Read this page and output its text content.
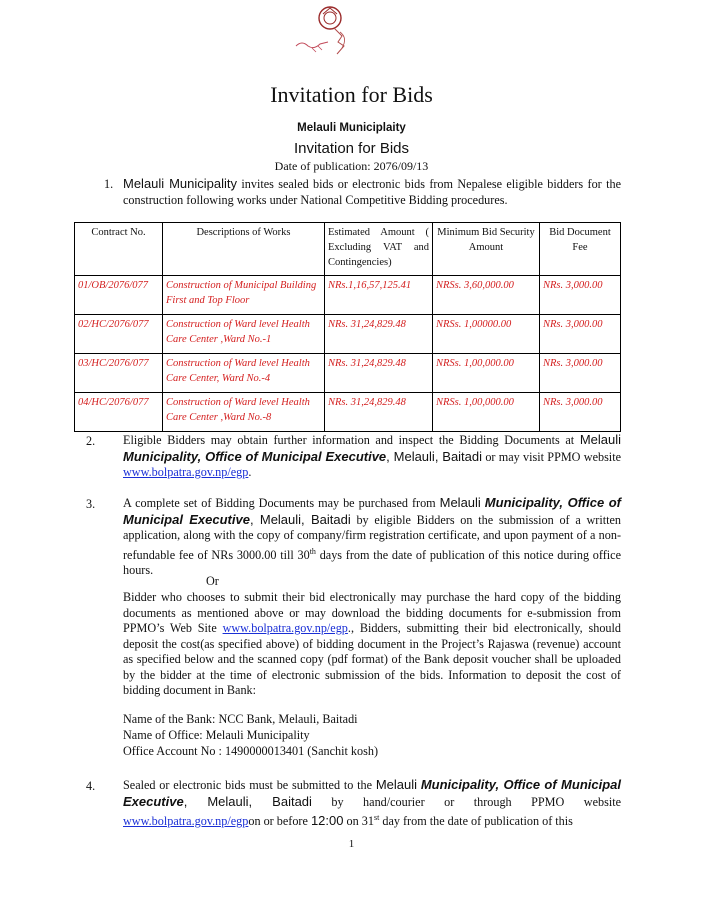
Invitation for Bids
Melauli Municiplaity
Invitation for Bids
Date of publication: 2076/09/13
1. Melauli Municipality invites sealed bids or electronic bids from Nepalese eligible bidders for the construction following works under National Competitive Bidding procedures.
Contract No.	Descriptions of Works	Estimated Amount ( Excluding VAT and Contingencies)	Minimum Bid Security Amount	Bid Document Fee
01/OB/2076/077	Construction of Municipal Building First and Top Floor	NRs.1,16,57,125.41	NRSs. 3,60,000.00	NRs. 3,000.00
02/HC/2076/077	Construction of Ward level Health Care Center ,Ward No.-1	NRs. 31,24,829.48	NRSs. 1,00000.00	NRs. 3,000.00
03/HC/2076/077	Construction of Ward level Health Care Center, Ward No.-4	NRs. 31,24,829.48	NRSs. 1,00,000.00	NRs. 3,000.00
04/HC/2076/077	Construction of Ward level Health Care Center ,Ward No.-8	NRs. 31,24,829.48	NRSs. 1,00,000.00	NRs. 3,000.00
2. Eligible Bidders may obtain further information and inspect the Bidding Documents at Melauli Municipality, Office of Municipal Executive, Melauli, Baitadi or may visit PPMO website www.bolpatra.gov.np/egp.
3. A complete set of Bidding Documents may be purchased from Melauli Municipality, Office of Municipal Executive, Melauli, Baitadi by eligible Bidders on the submission of a written application, along with the copy of company/firm registration certificate, and upon payment of a non-refundable fee of NRs 3000.00 till 30th days from the date of publication of this notice during office hours.
Or
Bidder who chooses to submit their bid electronically may purchase the hard copy of the bidding documents as mentioned above or may download the bidding documents for e-submission from PPMO’s Web Site www.bolpatra.gov.np/egp., Bidders, submitting their bid electronically, should deposit the cost(as specified above) of bidding document in the Project’s Rajaswa (revenue) account as specified below and the scanned copy (pdf format) of the Bank deposit voucher shall be uploaded by the bidder at the time of electronic submission of the bids. Information to deposit the cost of bidding document in Bank:
Name of the Bank: NCC Bank, Melauli, Baitadi
Name of Office: Melauli Municipality
Office Account No : 1490000013401 (Sanchit kosh)
4. Sealed or electronic bids must be submitted to the Melauli Municipality, Office of Municipal Executive, Melauli, Baitadi by hand/courier or through PPMO website www.bolpatra.gov.np/egpon or before 12:00 on 31st day from the date of publication of this
1
